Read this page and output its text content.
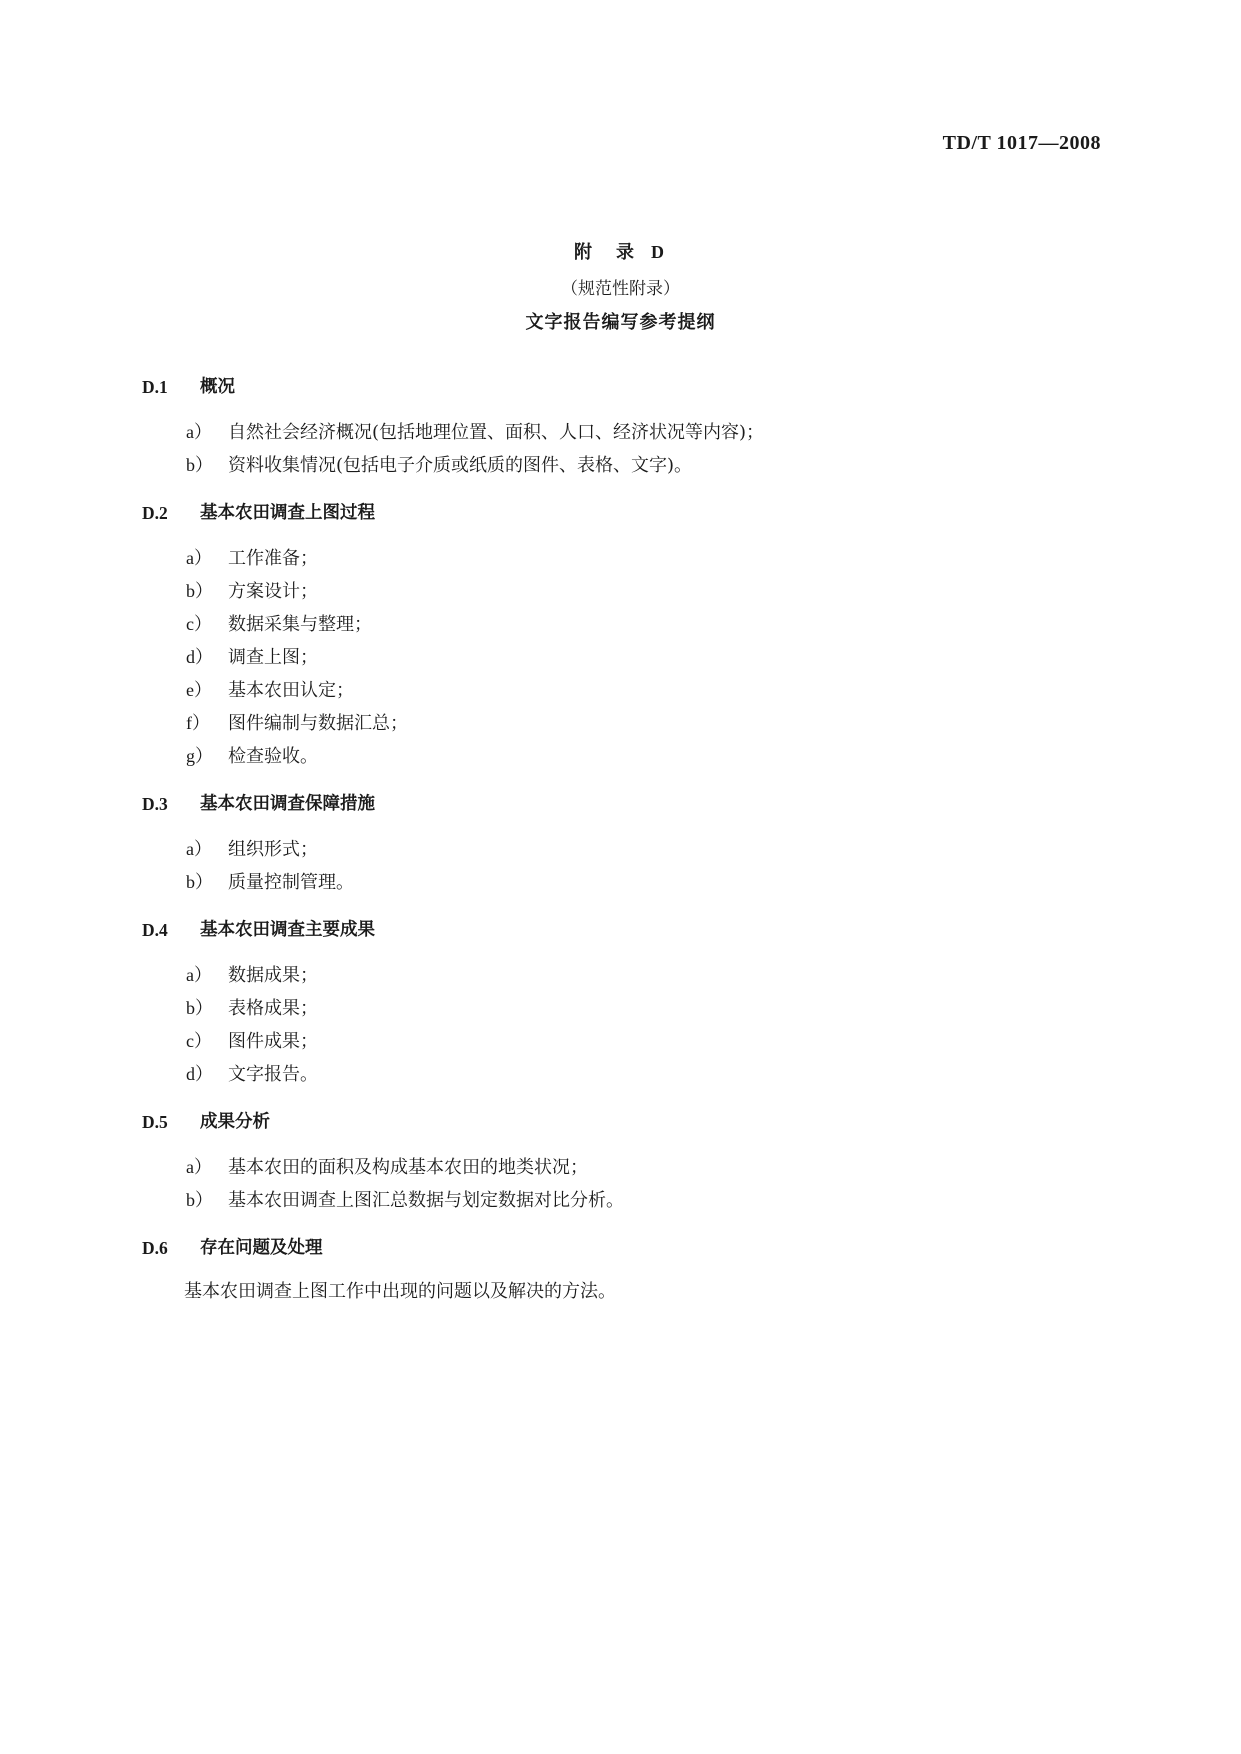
TD/T 1017—2008

附　录 D

（规范性附录）

文字报告编写参考提纲

D.1	概况
a） 自然社会经济概况(包括地理位置、面积、人口、经济状况等内容)；
b） 资料收集情况(包括电子介质或纸质的图件、表格、文字)。
D.2	基本农田调查上图过程
a） 工作准备；
b） 方案设计；
c） 数据采集与整理；
d） 调查上图；
e） 基本农田认定；
f）	图件编制与数据汇总；
g） 检查验收。
D.3	基本农田调查保障措施
a） 组织形式；
b） 质量控制管理。
D.4	基本农田调查主要成果
a） 数据成果；
b） 表格成果；
c） 图件成果；
d） 文字报告。
D.5	成果分析
a） 基本农田的面积及构成基本农田的地类状况；
b） 基本农田调查上图汇总数据与划定数据对比分析。
D.6	存在问题及处理

基本农田调查上图工作中出现的问题以及解决的方法。
